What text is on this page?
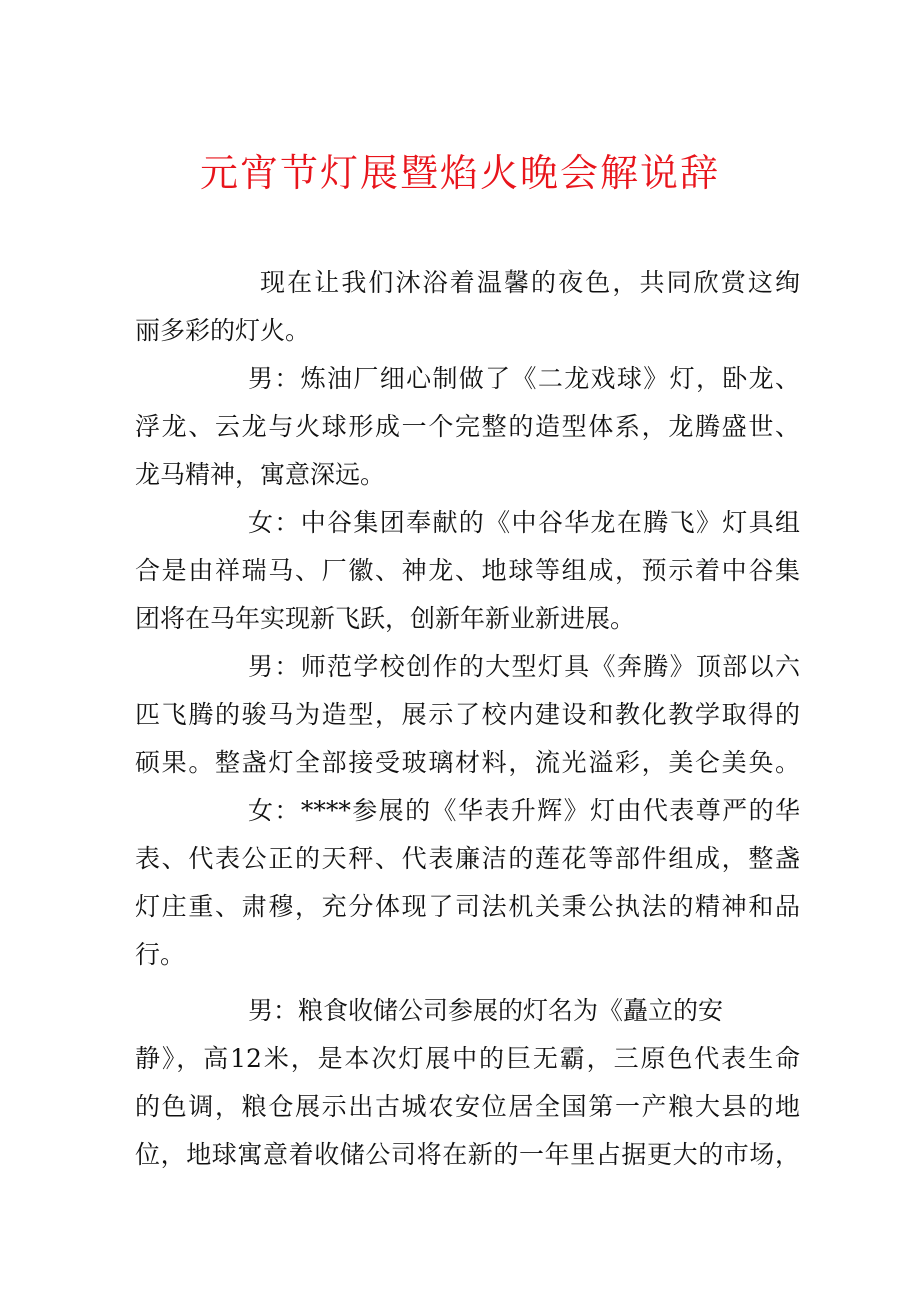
元宵节灯展暨焰火晚会解说辞
现在让我们沐浴着温馨的夜色，共同欣赏这绚
丽多彩的灯火。
男：炼油厂细心制做了《二龙戏球》灯，卧龙、
浮龙、云龙与火球形成一个完整的造型体系，龙腾盛世、
龙马精神，寓意深远。
女：中谷集团奉献的《中谷华龙在腾飞》灯具组
合是由祥瑞马、厂徽、神龙、地球等组成，预示着中谷集
团将在马年实现新飞跃，创新年新业新进展。
男：师范学校创作的大型灯具《奔腾》顶部以六
匹飞腾的骏马为造型，展示了校内建设和教化教学取得的
硕果。整盏灯全部接受玻璃材料，流光溢彩，美仑美奂。
女：****参展的《华表升辉》灯由代表尊严的华
表、代表公正的天秤、代表廉洁的莲花等部件组成，整盏
灯庄重、肃穆，充分体现了司法机关秉公执法的精神和品
行。
男：粮食收储公司参展的灯名为《矗立的安
静》，高12米，是本次灯展中的巨无霸，三原色代表生命
的色调，粮仓展示出古城农安位居全国第一产粮大县的地
位，地球寓意着收储公司将在新的一年里占据更大的市场，
